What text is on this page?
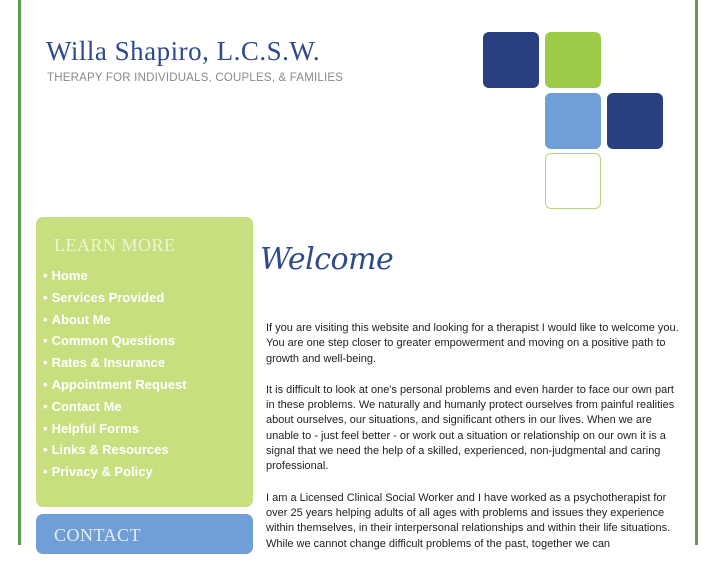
Willa Shapiro, L.C.S.W.
THERAPY FOR INDIVIDUALS, COUPLES, & FAMILIES
LEARN MORE
• Home
• Services Provided
• About Me
• Common Questions
• Rates & Insurance
• Appointment Request
• Contact Me
• Helpful Forms
• Links & Resources
• Privacy & Policy
CONTACT
Welcome

If you are visiting this website and looking for a therapist I would like to welcome you. You are one step closer to greater empowerment and moving on a positive path to growth and well-being.

It is difficult to look at one's personal problems and even harder to face our own part in these problems. We naturally and humanly protect ourselves from painful realities about ourselves, our situations, and significant others in our lives. When we are unable to - just feel better - or work out a situation or relationship on our own it is a signal that we need the help of a skilled, experienced, non-judgmental and caring professional.

I am a Licensed Clinical Social Worker and I have worked as a psychotherapist for over 25 years helping adults of all ages with problems and issues they experience within themselves, in their interpersonal relationships and within their life situations. While we cannot change difficult problems of the past, together we can
